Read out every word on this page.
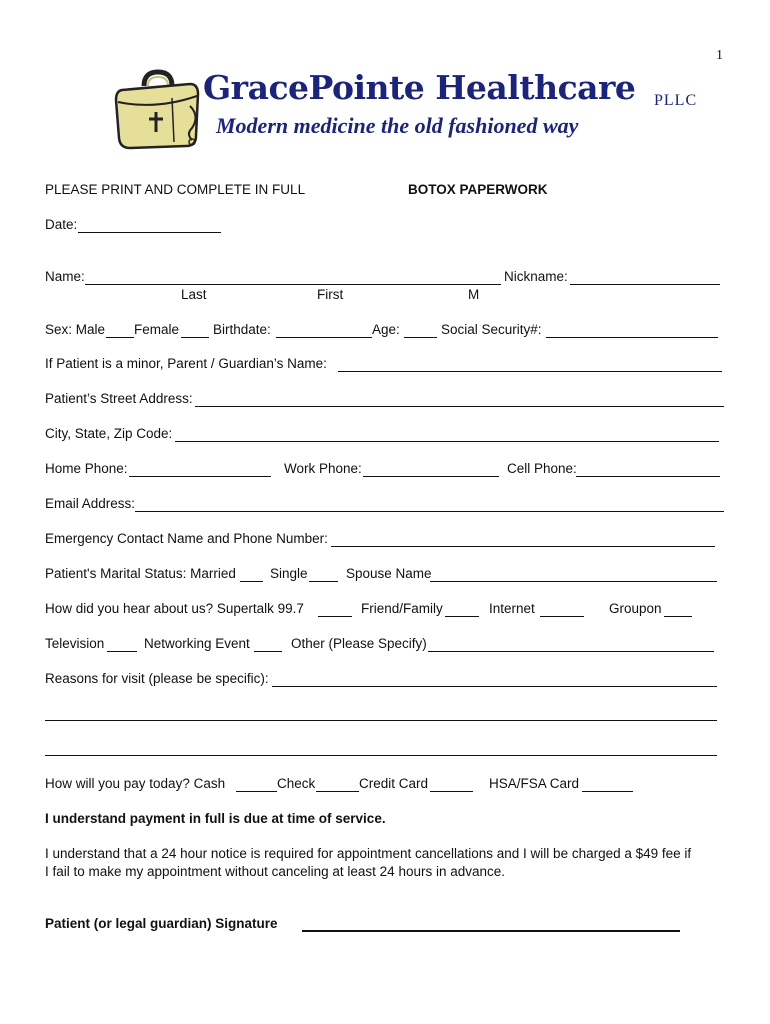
1
GracePointe Healthcare PLLC
Modern medicine the old fashioned way
PLEASE PRINT AND COMPLETE IN FULL	BOTOX PAPERWORK
Date:
Name:	Nickname:
Last	First	M
Sex: Male Female	Birthdate:	Age:	Social Security#:
If Patient is a minor, Parent / Guardian’s Name:
Patient’s Street Address:
City, State, Zip Code:
Home Phone:	Work Phone:	Cell Phone:
Email Address:
Emergency Contact Name and Phone Number:
Patient's Marital Status: Married	Single	Spouse Name
How did you hear about us? Supertalk 99.7	Friend/Family	Internet	Groupon
Television	Networking Event	Other (Please Specify)
Reasons for visit (please be specific):
How will you pay today? Cash	Check	Credit Card	HSA/FSA Card
I understand payment in full is due at time of service.
I understand that a 24 hour notice is required for appointment cancellations and I will be charged a $49 fee if
I fail to make my appointment without canceling at least 24 hours in advance.
Patient (or legal guardian) Signature
